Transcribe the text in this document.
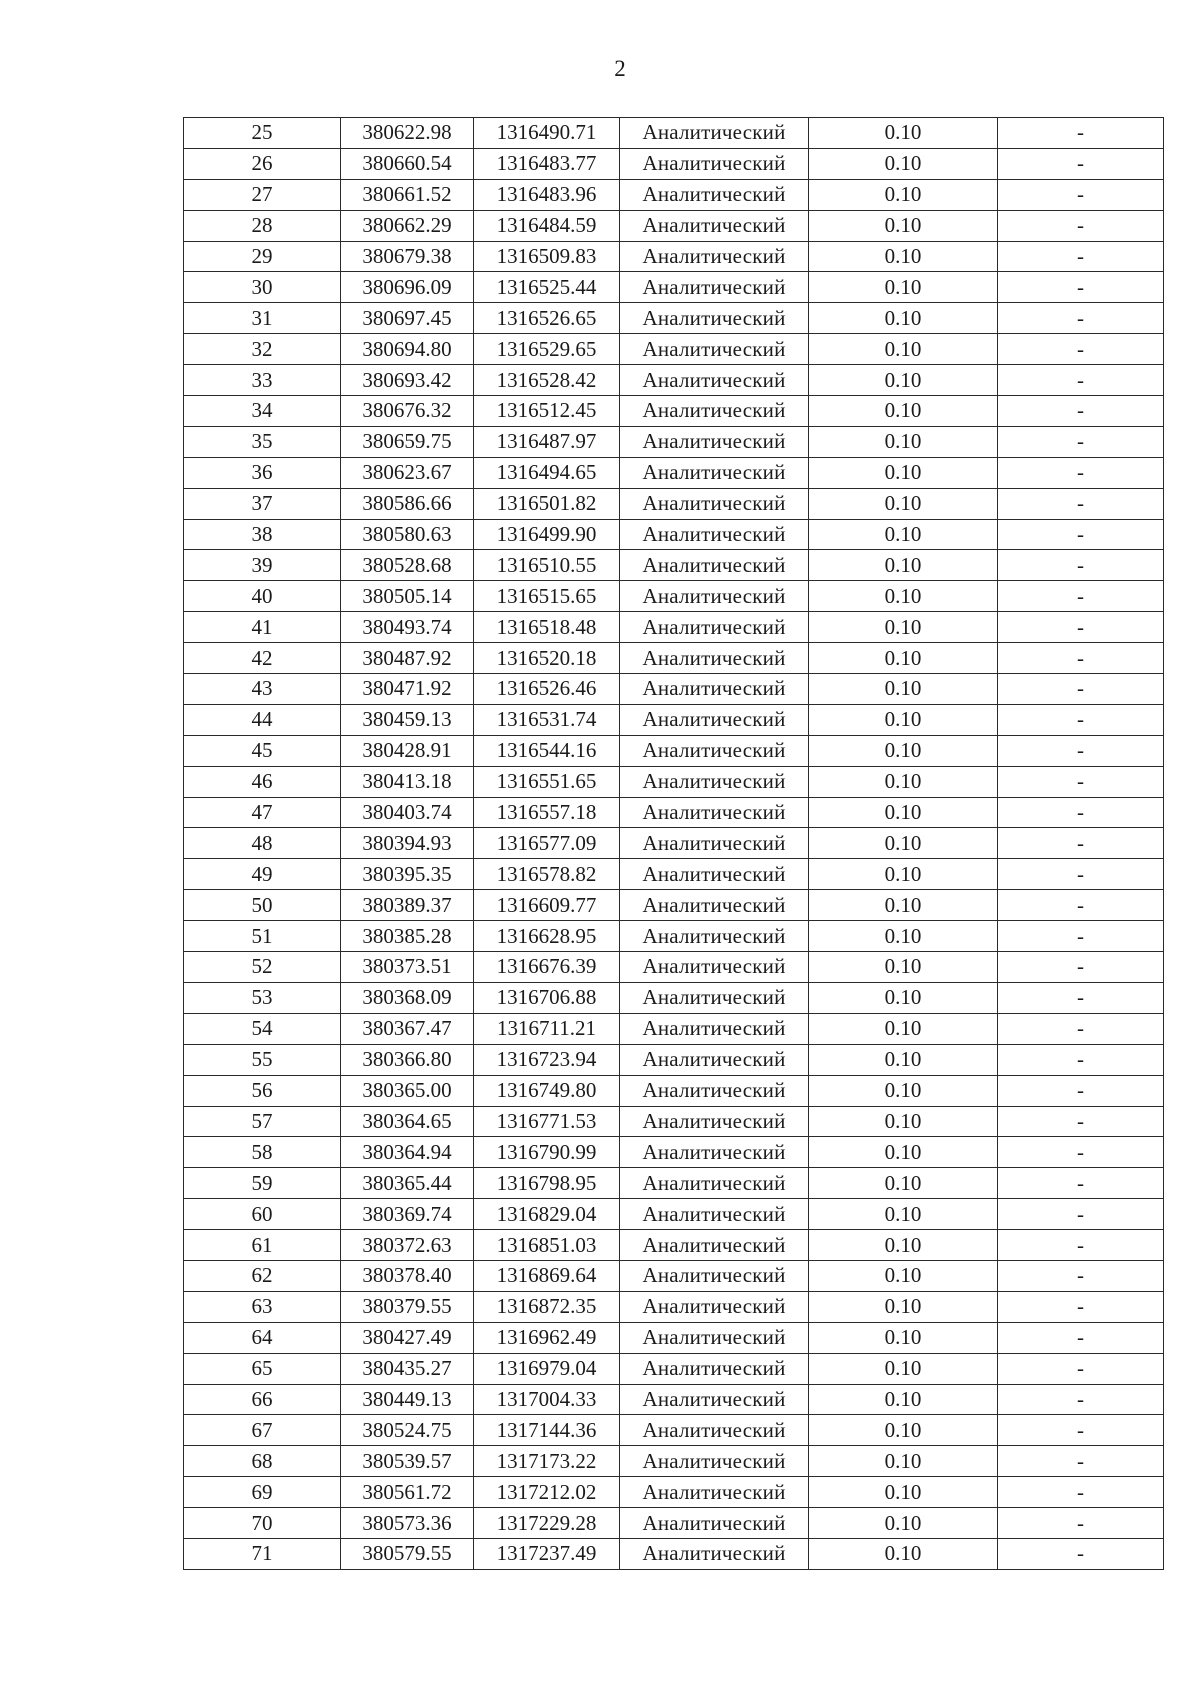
2
25	380622.98	1316490.71	Аналитический	0.10	-
26	380660.54	1316483.77	Аналитический	0.10	-
27	380661.52	1316483.96	Аналитический	0.10	-
28	380662.29	1316484.59	Аналитический	0.10	-
29	380679.38	1316509.83	Аналитический	0.10	-
30	380696.09	1316525.44	Аналитический	0.10	-
31	380697.45	1316526.65	Аналитический	0.10	-
32	380694.80	1316529.65	Аналитический	0.10	-
33	380693.42	1316528.42	Аналитический	0.10	-
34	380676.32	1316512.45	Аналитический	0.10	-
35	380659.75	1316487.97	Аналитический	0.10	-
36	380623.67	1316494.65	Аналитический	0.10	-
37	380586.66	1316501.82	Аналитический	0.10	-
38	380580.63	1316499.90	Аналитический	0.10	-
39	380528.68	1316510.55	Аналитический	0.10	-
40	380505.14	1316515.65	Аналитический	0.10	-
41	380493.74	1316518.48	Аналитический	0.10	-
42	380487.92	1316520.18	Аналитический	0.10	-
43	380471.92	1316526.46	Аналитический	0.10	-
44	380459.13	1316531.74	Аналитический	0.10	-
45	380428.91	1316544.16	Аналитический	0.10	-
46	380413.18	1316551.65	Аналитический	0.10	-
47	380403.74	1316557.18	Аналитический	0.10	-
48	380394.93	1316577.09	Аналитический	0.10	-
49	380395.35	1316578.82	Аналитический	0.10	-
50	380389.37	1316609.77	Аналитический	0.10	-
51	380385.28	1316628.95	Аналитический	0.10	-
52	380373.51	1316676.39	Аналитический	0.10	-
53	380368.09	1316706.88	Аналитический	0.10	-
54	380367.47	1316711.21	Аналитический	0.10	-
55	380366.80	1316723.94	Аналитический	0.10	-
56	380365.00	1316749.80	Аналитический	0.10	-
57	380364.65	1316771.53	Аналитический	0.10	-
58	380364.94	1316790.99	Аналитический	0.10	-
59	380365.44	1316798.95	Аналитический	0.10	-
60	380369.74	1316829.04	Аналитический	0.10	-
61	380372.63	1316851.03	Аналитический	0.10	-
62	380378.40	1316869.64	Аналитический	0.10	-
63	380379.55	1316872.35	Аналитический	0.10	-
64	380427.49	1316962.49	Аналитический	0.10	-
65	380435.27	1316979.04	Аналитический	0.10	-
66	380449.13	1317004.33	Аналитический	0.10	-
67	380524.75	1317144.36	Аналитический	0.10	-
68	380539.57	1317173.22	Аналитический	0.10	-
69	380561.72	1317212.02	Аналитический	0.10	-
70	380573.36	1317229.28	Аналитический	0.10	-
71	380579.55	1317237.49	Аналитический	0.10	-
